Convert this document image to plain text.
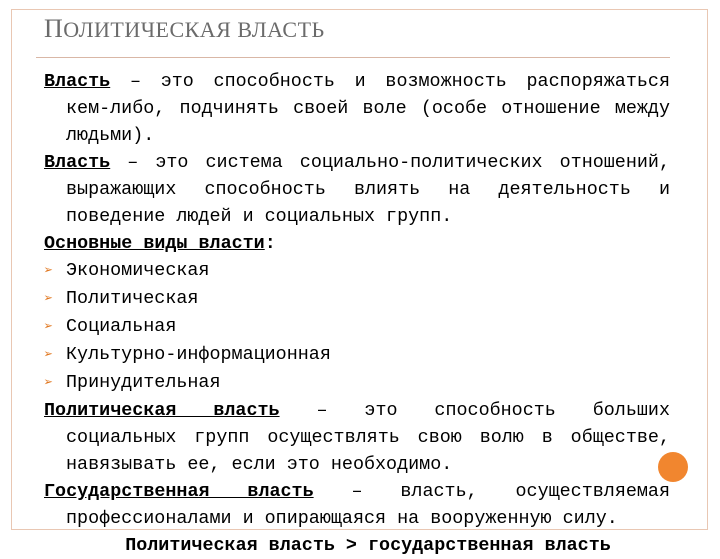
ПОЛИТИЧЕСКАЯ ВЛАСТЬ
Власть – это способность и возможность распоряжаться
кем-либо, подчинять своей воле (особе отношение между людьми).
Власть – это система социально-политических отношений,
выражающих способность влиять на деятельность и поведение людей и социальных групп.
Основные виды власти:
➢ Экономическая
➢ Политическая
➢ Социальная
➢ Культурно-информационная
➢ Принудительная
Политическая власть – это способность больших
социальных групп осуществлять свою волю в обществе, навязывать ее, если это необходимо.
Государственная власть – власть, осуществляемая
профессионалами и опирающаяся на вооруженную силу.
Политическая власть > государственная власть
